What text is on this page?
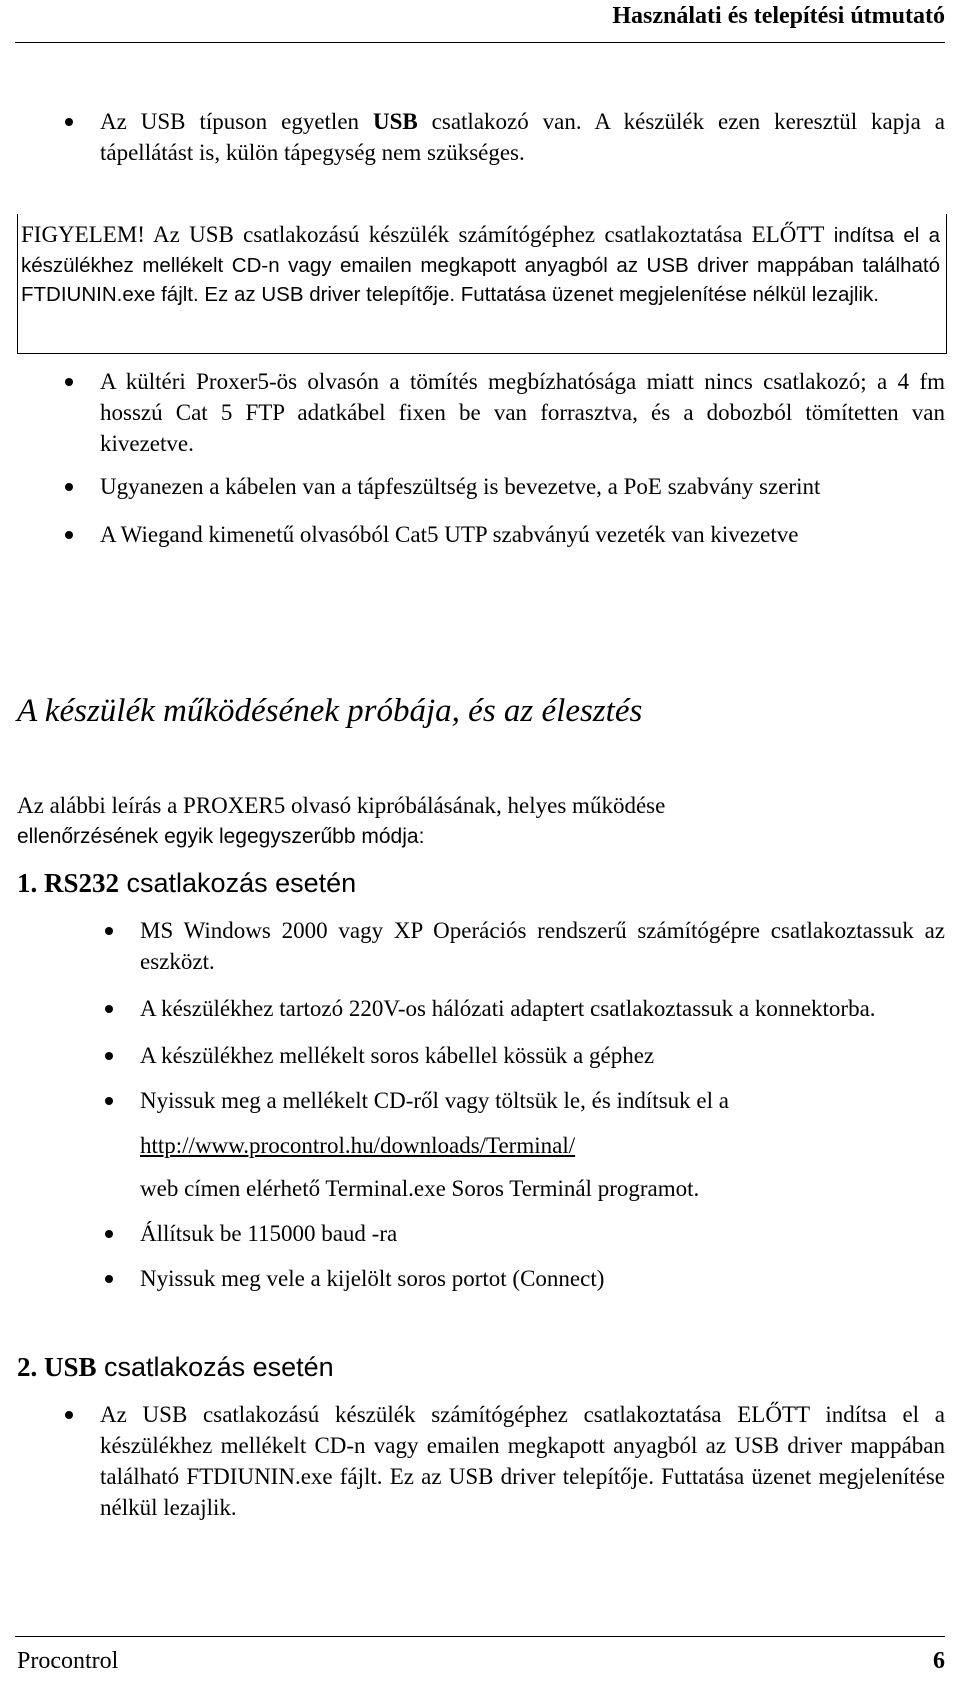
Használati és telepítési útmutató
Az USB típuson egyetlen USB csatlakozó van. A készülék ezen keresztül kapja a tápellátást is, külön tápegység nem szükséges.
FIGYELEM! Az USB csatlakozású készülék számítógéphez csatlakoztatása ELŐTT indítsa el a készülékhez mellékelt CD-n vagy emailen megkapott anyagból az USB driver mappában található FTDIUNIN.exe fájlt. Ez az USB driver telepítője. Futtatása üzenet megjelenítése nélkül lezajlik.
A kültéri Proxer5-ös olvasón a tömítés megbízhatósága miatt nincs csatlakozó; a 4 fm hosszú Cat 5 FTP adatkábel fixen be van forrasztva, és a dobozból tömítetten van kivezetve.
Ugyanezen a kábelen van a tápfeszültség is bevezetve, a PoE szabvány szerint
A Wiegand kimenetű olvasóból Cat5 UTP szabványú vezeték van kivezetve
A készülék működésének próbája, és az élesztés
Az alábbi leírás a PROXER5 olvasó kipróbálásának, helyes működése
ellenőrzésének egyik legegyszerűbb módja:
1. RS232 csatlakozás esetén
MS Windows 2000 vagy XP Operációs rendszerű számítógépre csatlakoztassuk az eszközt.
A készülékhez tartozó 220V-os hálózati adaptert csatlakoztassuk a konnektorba.
A készülékhez mellékelt soros kábellel kössük a géphez
Nyissuk meg a mellékelt CD-ről vagy töltsük le, és indítsuk el a
http://www.procontrol.hu/downloads/Terminal/
web címen elérhető Terminal.exe Soros Terminál programot.
Állítsuk be 115000 baud -ra
Nyissuk meg vele a kijelölt soros portot (Connect)
2. USB csatlakozás esetén
Az USB csatlakozású készülék számítógéphez csatlakoztatása ELŐTT indítsa el a készülékhez mellékelt CD-n vagy emailen megkapott anyagból az USB driver mappában található FTDIUNIN.exe fájlt. Ez az USB driver telepítője. Futtatása üzenet megjelenítése nélkül lezajlik.
Procontrol	6
